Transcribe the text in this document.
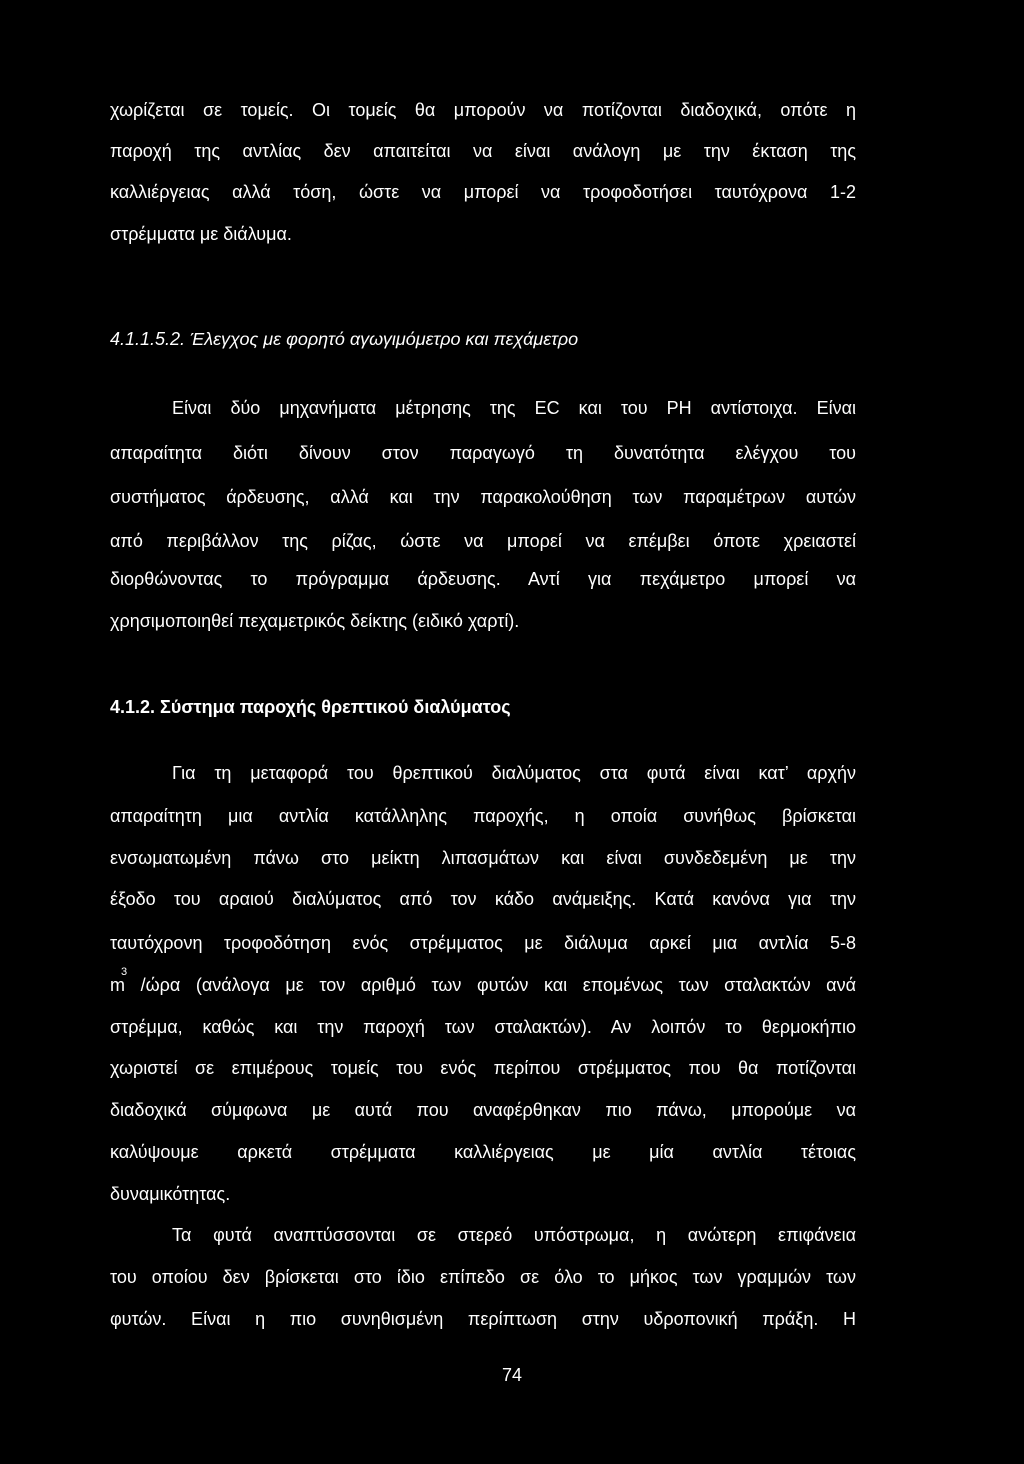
χωρίζεται σε τομείς. Οι τομείς θα μπορούν να ποτίζονται διαδοχικά, οπότε η
παροχή της αντλίας δεν απαιτείται να είναι ανάλογη με την έκταση της
καλλιέργειας αλλά τόση, ώστε να μπορεί να τροφοδοτήσει ταυτόχρονα 1-2
στρέμματα με διάλυμα.
4.1.1.5.2. Έλεγχος με φορητό αγωγιμόμετρο και πεχάμετρο
Είναι δύο μηχανήματα μέτρησης της EC και του PH αντίστοιχα. Είναι
απαραίτητα διότι δίνουν στον παραγωγό τη δυνατότητα ελέγχου του
συστήματος άρδευσης, αλλά και την παρακολούθηση των παραμέτρων αυτών
από περιβάλλον της ρίζας, ώστε να μπορεί να επέμβει όποτε χρειαστεί
διορθώνοντας το πρόγραμμα άρδευσης. Αντί για πεχάμετρο μπορεί να
χρησιμοποιηθεί πεχαμετρικός δείκτης (ειδικό χαρτί).
4.1.2. Σύστημα παροχής θρεπτικού διαλύματος
Για τη μεταφορά του θρεπτικού διαλύματος στα φυτά είναι κατ’ αρχήν
απαραίτητη μια αντλία κατάλληλης παροχής, η οποία συνήθως βρίσκεται
ενσωματωμένη πάνω στο μείκτη λιπασμάτων και είναι συνδεδεμένη με την
έξοδο του αραιού διαλύματος από τον κάδο ανάμειξης. Κατά κανόνα για την
ταυτόχρονη τροφοδότηση ενός στρέμματος με διάλυμα αρκεί μια αντλία 5-8
m /ώρα (ανάλογα με τον αριθμό των φυτών και επομένως των σταλακτών ανά
3
στρέμμα, καθώς και την παροχή των σταλακτών). Αν λοιπόν το θερμοκήπιο
χωριστεί σε επιμέρους τομείς του ενός περίπου στρέμματος που θα ποτίζονται
διαδοχικά σύμφωνα με αυτά που αναφέρθηκαν πιο πάνω, μπορούμε να
καλύψουμε αρκετά στρέμματα καλλιέργειας με μία αντλία τέτοιας
δυναμικότητας.
Τα φυτά αναπτύσσονται σε στερεό υπόστρωμα, η ανώτερη επιφάνεια
του οποίου δεν βρίσκεται στο ίδιο επίπεδο σε όλο το μήκος των γραμμών των
φυτών. Είναι η πιο συνηθισμένη περίπτωση στην υδροπονική πράξη. Η
74
